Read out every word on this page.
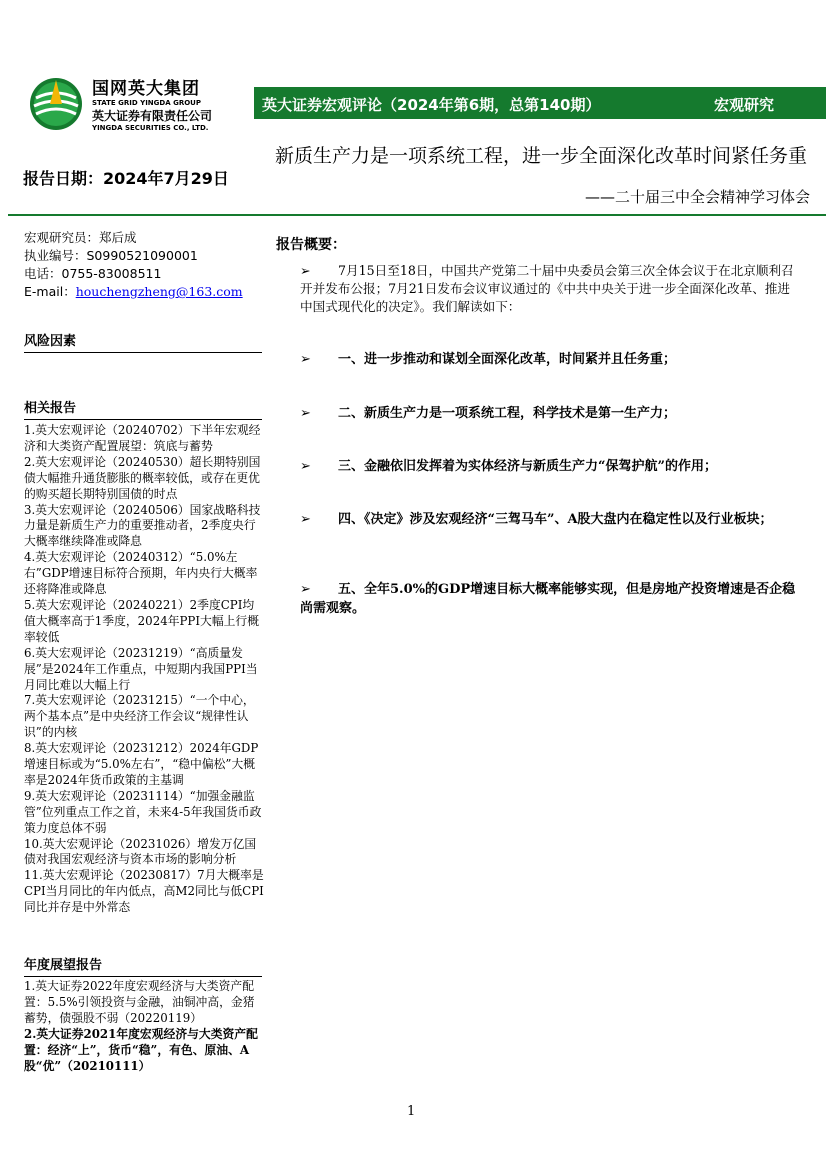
国网英大集团
STATE GRID YINGDA GROUP
英大证券有限责任公司
YINGDA SECURITIES CO., LTD.
英大证券宏观评论（2024年第6期，总第140期）	宏观研究
新质生产力是一项系统工程，进一步全面深化改革时间紧任务重
报告日期：2024年7月29日
——二十届三中全会精神学习体会
宏观研究员：郑后成
执业编号：S0990521090001
电话：0755-83008511
E-mail：houchengzheng@163.com
风险因素
相关报告
1.英大宏观评论（20240702）下半年宏观经济和大类资产配置展望：筑底与蓄势
2.英大宏观评论（20240530）超长期特别国债大幅推升通货膨胀的概率较低，或存在更优的购买超长期特别国债的时点
3.英大宏观评论（20240506）国家战略科技力量是新质生产力的重要推动者，2季度央行大概率继续降准或降息
4.英大宏观评论（20240312）“5.0%左右”GDP增速目标符合预期，年内央行大概率还将降准或降息
5.英大宏观评论（20240221）2季度CPI均值大概率高于1季度，2024年PPI大幅上行概率较低
6.英大宏观评论（20231219）“高质量发展”是2024年工作重点，中短期内我国PPI当月同比难以大幅上行
7.英大宏观评论（20231215）“一个中心，两个基本点”是中央经济工作会议“规律性认识”的内核
8.英大宏观评论（20231212）2024年GDP增速目标或为“5.0%左右”，“稳中偏松”大概率是2024年货币政策的主基调
9.英大宏观评论（20231114）“加强金融监管”位列重点工作之首，未来4-5年我国货币政策力度总体不弱
10.英大宏观评论（20231026）增发万亿国债对我国宏观经济与资本市场的影响分析
11.英大宏观评论（20230817）7月大概率是CPI当月同比的年内低点，高M2同比与低CPI同比并存是中外常态
年度展望报告
1.英大证券2022年度宏观经济与大类资产配置：5.5%引领投资与金融，油铜冲高，金猪蓄势，债强股不弱（20220119）
2.英大证券2021年度宏观经济与大类资产配置：经济“上”，货币“稳”，有色、原油、A股“优”（20210111）
报告概要：
➢ 7月15日至18日，中国共产党第二十届中央委员会第三次全体会议于在北京顺利召开并发布公报；7月21日发布会议审议通过的《中共中央关于进一步全面深化改革、推进中国式现代化的决定》。我们解读如下：
➢ 一、进一步推动和谋划全面深化改革，时间紧并且任务重；
➢ 二、新质生产力是一项系统工程，科学技术是第一生产力；
➢ 三、金融依旧发挥着为实体经济与新质生产力“保驾护航”的作用；
➢ 四、《决定》涉及宏观经济“三驾马车”、A股大盘内在稳定性以及行业板块；
➢ 五、全年5.0%的GDP增速目标大概率能够实现，但是房地产投资增速是否企稳尚需观察。
1
